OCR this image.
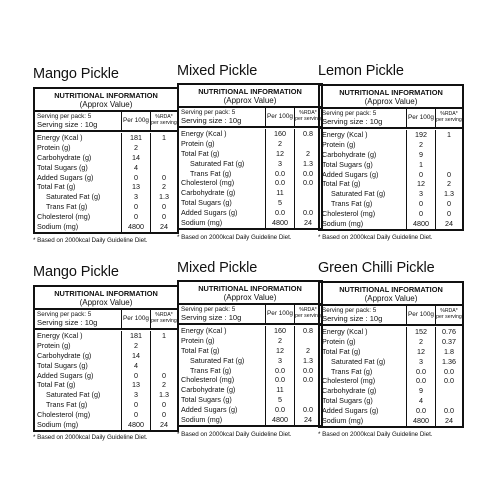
Mango Pickle
NUTRITIONAL INFORMATION
(Approx Value)
Serving per pack: 5
Serving size : 10g	Per 100g	%RDA* per serving
Energy (Kcal )	181	1
Protein (g)	2
Carbohydrate (g)	14
Total Sugars (g)	4
Added Sugars (g)	0	0
Total Fat (g)	13	2
Saturated Fat (g)	3	1.3
Trans Fat (g)	0	0
Cholesterol (mg)	0	0
Sodium (mg)	4800	24
* Based on 2000kcal Daily Guideline Diet.
Mixed Pickle
NUTRITIONAL INFORMATION
(Approx Value)
Serving per pack: 5
Serving size : 10g	Per 100g	%RDA* per serving
Energy (Kcal )	160	0.8
Protein (g)	2
Total Fat (g)	12	2
Saturated Fat (g)	3	1.3
Trans Fat (g)	0.0	0.0
Cholesterol (mg)	0.0	0.0
Carbohydrate (g)	11
Total Sugars (g)	5
Added Sugars (g)	0.0	0.0
Sodium (mg)	4800	24
* Based on 2000kcal Daily Guideline Diet.
Lemon Pickle
NUTRITIONAL INFORMATION
(Approx Value)
Serving per pack: 5
Serving size : 10g	Per 100g	%RDA* per serving
Energy (Kcal )	192	1
Protein (g)	2
Carbohydrate (g)	9
Total Sugars (g)	1
Added Sugars (g)	0	0
Total Fat (g)	12	2
Saturated Fat (g)	3	1.3
Trans Fat (g)	0	0
Cholesterol (mg)	0	0
Sodium (mg)	4800	24
* Based on 2000kcal Daily Guideline Diet.
Mango Pickle
NUTRITIONAL INFORMATION
(Approx Value)
Serving per pack: 5
Serving size : 10g	Per 100g	%RDA* per serving
Energy (Kcal )	181	1
Protein (g)	2
Carbohydrate (g)	14
Total Sugars (g)	4
Added Sugars (g)	0	0
Total Fat (g)	13	2
Saturated Fat (g)	3	1.3
Trans Fat (g)	0	0
Cholesterol (mg)	0	0
Sodium (mg)	4800	24
* Based on 2000kcal Daily Guideline Diet.
Mixed Pickle
NUTRITIONAL INFORMATION
(Approx Value)
Serving per pack: 5
Serving size : 10g	Per 100g	%RDA* per serving
Energy (Kcal )	160	0.8
Protein (g)	2
Total Fat (g)	12	2
Saturated Fat (g)	3	1.3
Trans Fat (g)	0.0	0.0
Cholesterol (mg)	0.0	0.0
Carbohydrate (g)	11
Total Sugars (g)	5
Added Sugars (g)	0.0	0.0
Sodium (mg)	4800	24
* Based on 2000kcal Daily Guideline Diet.
Green Chilli Pickle
NUTRITIONAL INFORMATION
(Approx Value)
Serving per pack: 5
Serving size : 10g	Per 100g	%RDA* per serving
Energy (Kcal )	152	0.76
Protein (g)	2	0.37
Total Fat (g)	12	1.8
Saturated Fat (g)	3	1.36
Trans Fat (g)	0.0	0.0
Cholesterol (mg)	0.0	0.0
Carbohydrate (g)	9
Total Sugars (g)	4
Added Sugars (g)	0.0	0.0
Sodium (mg)	4800	24
* Based on 2000kcal Daily Guideline Diet.
